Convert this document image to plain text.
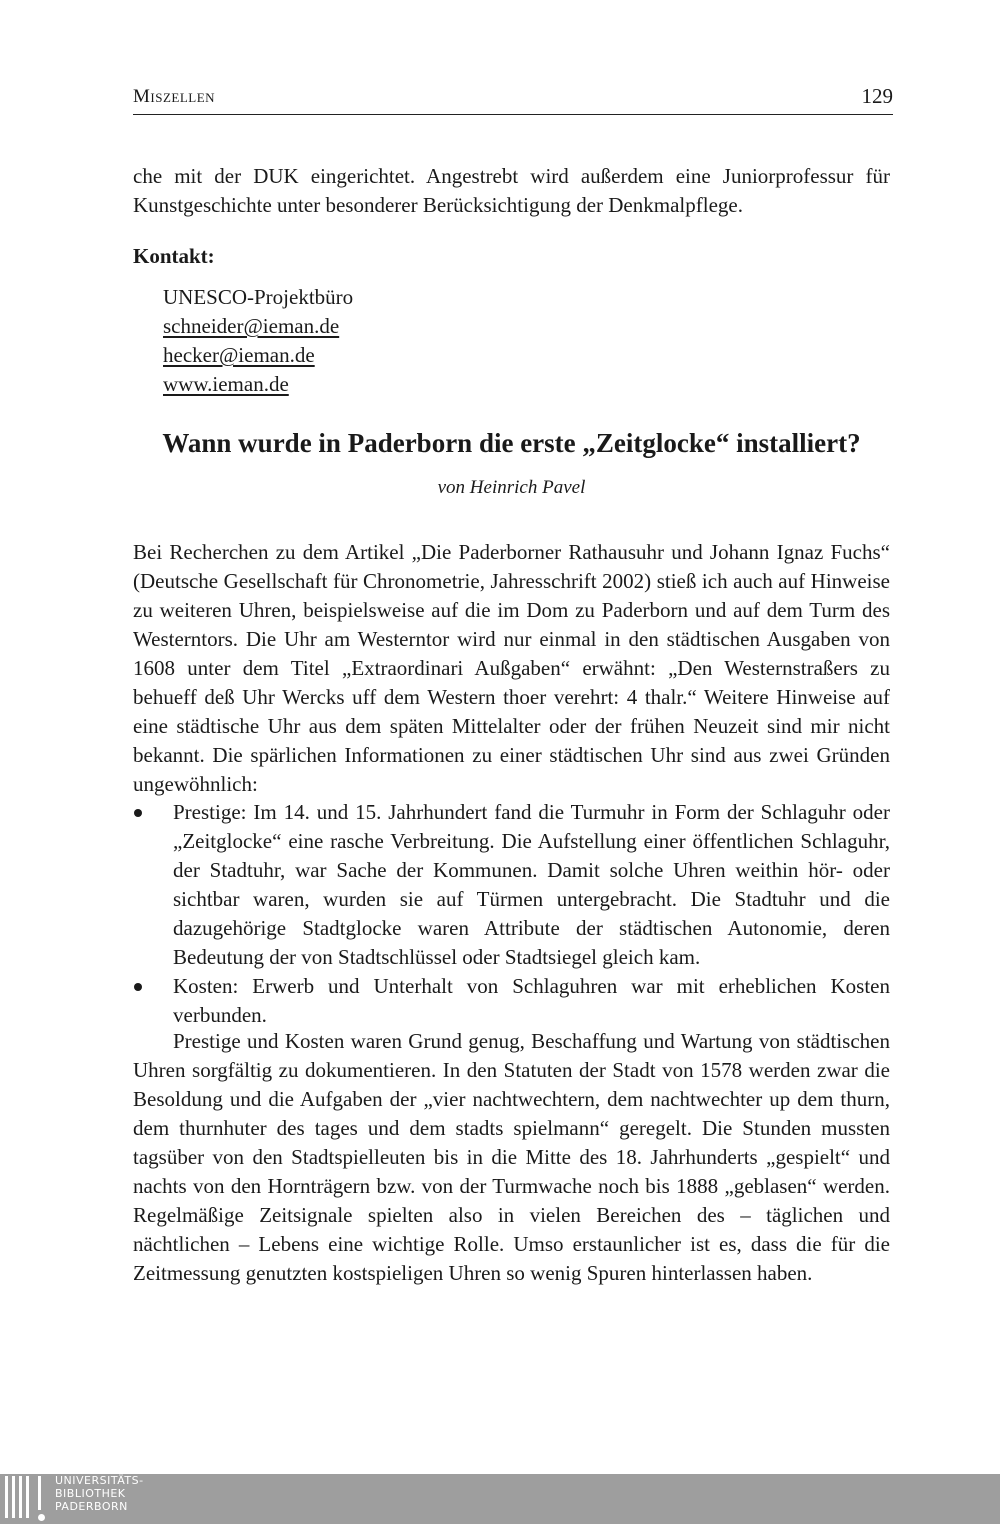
Miszellen	129
che mit der DUK eingerichtet. Angestrebt wird außerdem eine Juniorprofessur für Kunstgeschichte unter besonderer Berücksichtigung der Denkmalpflege.
Kontakt:
UNESCO-Projektbüro
schneider@ieman.de
hecker@ieman.de
www.ieman.de
Wann wurde in Paderborn die erste „Zeitglocke“ installiert?
von Heinrich Pavel
Bei Recherchen zu dem Artikel „Die Paderborner Rathausuhr und Johann Ignaz Fuchs“ (Deutsche Gesellschaft für Chronometrie, Jahresschrift 2002) stieß ich auch auf Hinweise zu weiteren Uhren, beispielsweise auf die im Dom zu Paderborn und auf dem Turm des Westerntors. Die Uhr am Westerntor wird nur einmal in den städtischen Ausgaben von 1608 unter dem Titel „Extraordinari Außgaben“ erwähnt: „Den Westernstraßers zu behueff deß Uhr Wercks uff dem Western thoer verehrt: 4 thalr.“ Weitere Hinweise auf eine städtische Uhr aus dem späten Mittelalter oder der frühen Neuzeit sind mir nicht bekannt. Die spärlichen Informationen zu einer städtischen Uhr sind aus zwei Gründen ungewöhnlich:
Prestige: Im 14. und 15. Jahrhundert fand die Turmuhr in Form der Schlaguhr oder „Zeitglocke“ eine rasche Verbreitung. Die Aufstellung einer öffentlichen Schlaguhr, der Stadtuhr, war Sache der Kommunen. Damit solche Uhren weithin hör- oder sichtbar waren, wurden sie auf Türmen untergebracht. Die Stadtuhr und die dazugehörige Stadtglocke waren Attribute der städtischen Autonomie, deren Bedeutung der von Stadtschlüssel oder Stadtsiegel gleich kam.
Kosten: Erwerb und Unterhalt von Schlaguhren war mit erheblichen Kosten verbunden.
Prestige und Kosten waren Grund genug, Beschaffung und Wartung von städtischen Uhren sorgfältig zu dokumentieren. In den Statuten der Stadt von 1578 werden zwar die Besoldung und die Aufgaben der „vier nachtwechtern, dem nachtwechter up dem thurn, dem thurnhuter des tages und dem stadts spielmann“ geregelt. Die Stunden mussten tagsüber von den Stadtspielleuten bis in die Mitte des 18. Jahrhunderts „gespielt“ und nachts von den Hornträgern bzw. von der Turmwache noch bis 1888 „geblasen“ werden. Regelmäßige Zeitsignale spielten also in vielen Bereichen des – täglichen und nächtlichen – Lebens eine wichtige Rolle. Umso erstaunlicher ist es, dass die für die Zeitmessung genutzten kostspieligen Uhren so wenig Spuren hinterlassen haben.
UNIVERSITÄTS-
BIBLIOTHEK
PADERBORN
